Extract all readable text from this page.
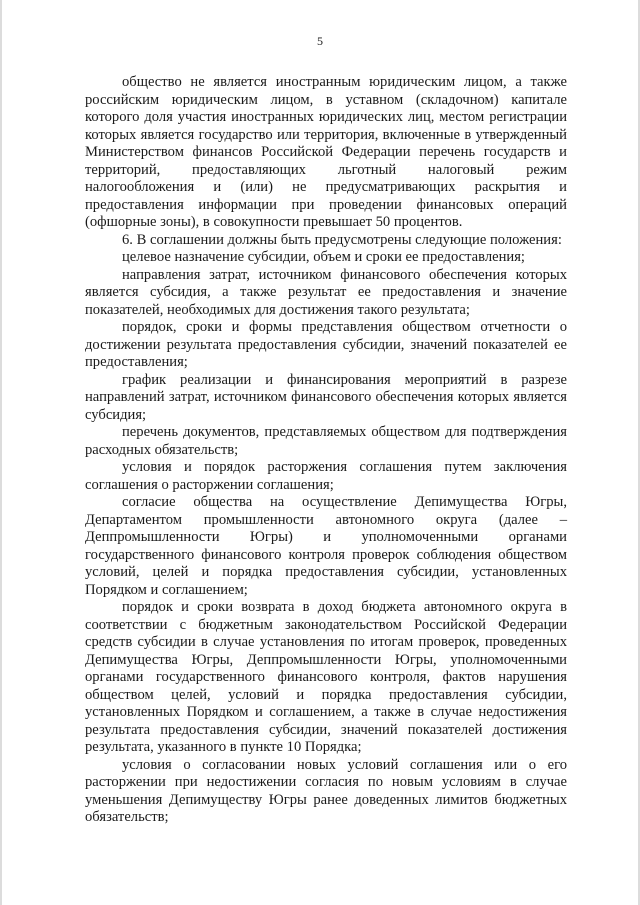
5

общество не является иностранным юридическим лицом, а также российским юридическим лицом, в уставном (складочном) капитале которого доля участия иностранных юридических лиц, местом регистрации которых является государство или территория, включенные в утвержденный Министерством финансов Российской Федерации перечень государств и территорий, предоставляющих льготный налоговый режим налогообложения и (или) не предусматривающих раскрытия и предоставления информации при проведении финансовых операций (офшорные зоны), в совокупности превышает 50 процентов.

6. В соглашении должны быть предусмотрены следующие положения:

целевое назначение субсидии, объем и сроки ее предоставления;

направления затрат, источником финансового обеспечения которых является субсидия, а также результат ее предоставления и значение показателей, необходимых для достижения такого результата;

порядок, сроки и формы представления обществом отчетности о достижении результата предоставления субсидии, значений показателей ее предоставления;

график реализации и финансирования мероприятий в разрезе направлений затрат, источником финансового обеспечения которых является субсидия;

перечень документов, представляемых обществом для подтверждения расходных обязательств;

условия и порядок расторжения соглашения путем заключения соглашения о расторжении соглашения;

согласие общества на осуществление Депимущества Югры, Департаментом промышленности автономного округа (далее – Деппромышленности Югры) и уполномоченными органами государственного финансового контроля проверок соблюдения обществом условий, целей и порядка предоставления субсидии, установленных Порядком и соглашением;

порядок и сроки возврата в доход бюджета автономного округа в соответствии с бюджетным законодательством Российской Федерации средств субсидии в случае установления по итогам проверок, проведенных Депимущества Югры, Деппромышленности Югры, уполномоченными органами государственного финансового контроля, фактов нарушения обществом целей, условий и порядка предоставления субсидии, установленных Порядком и соглашением, а также в случае недостижения результата предоставления субсидии, значений показателей достижения результата, указанного в пункте 10 Порядка;

условия о согласовании новых условий соглашения или о его расторжении при недостижении согласия по новым условиям в случае уменьшения Депимуществу Югры ранее доведенных лимитов бюджетных обязательств;
